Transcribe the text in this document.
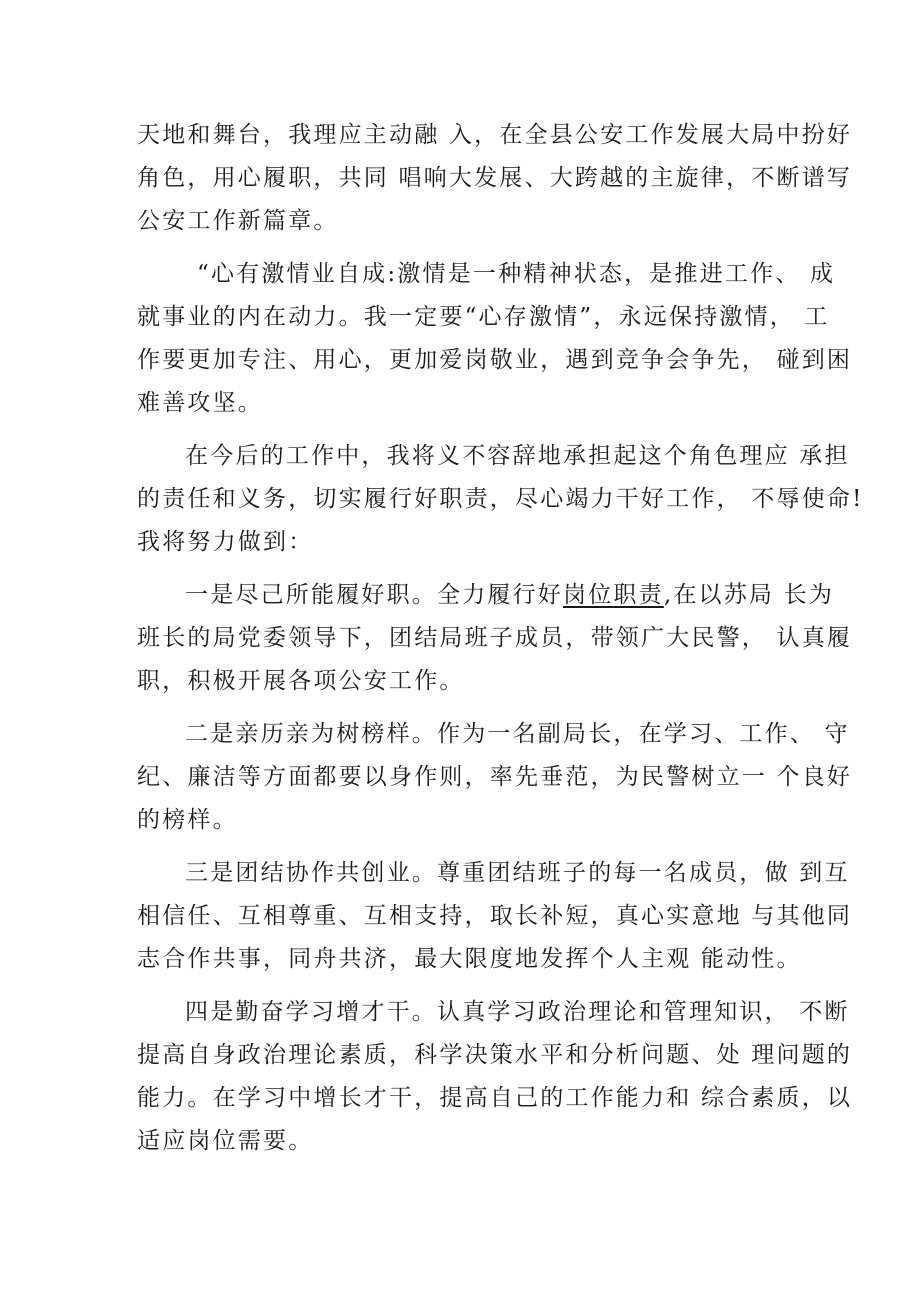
天地和舞台，我理应主动融 入，在全县公安工作发展大局中扮好
角色，用心履职，共同 唱响大发展、大跨越的主旋律，不断谱写
公安工作新篇章。
“心有激情业自成:激情是一种精神状态，是推进工作、 成
就事业的内在动力。我一定要“心存激情”，永远保持激情， 工
作要更加专注、用心，更加爱岗敬业，遇到竞争会争先， 碰到困
难善攻坚。
在今后的工作中，我将义不容辞地承担起这个角色理应 承担
的责任和义务，切实履行好职责，尽心竭力干好工作， 不辱使命!
我将努力做到：
一是尽己所能履好职。全力履行好岗位职责,在以苏局 长为
班长的局党委领导下，团结局班子成员，带领广大民警， 认真履
职，积极开展各项公安工作。
二是亲历亲为树榜样。作为一名副局长，在学习、工作、 守
纪、廉洁等方面都要以身作则，率先垂范，为民警树立一 个良好
的榜样。
三是团结协作共创业。尊重团结班子的每一名成员，做 到互
相信任、互相尊重、互相支持，取长补短，真心实意地 与其他同
志合作共事，同舟共济，最大限度地发挥个人主观 能动性。
四是勤奋学习增才干。认真学习政治理论和管理知识， 不断
提高自身政治理论素质，科学决策水平和分析问题、处 理问题的
能力。在学习中增长才干，提高自己的工作能力和 综合素质，以
适应岗位需要。
